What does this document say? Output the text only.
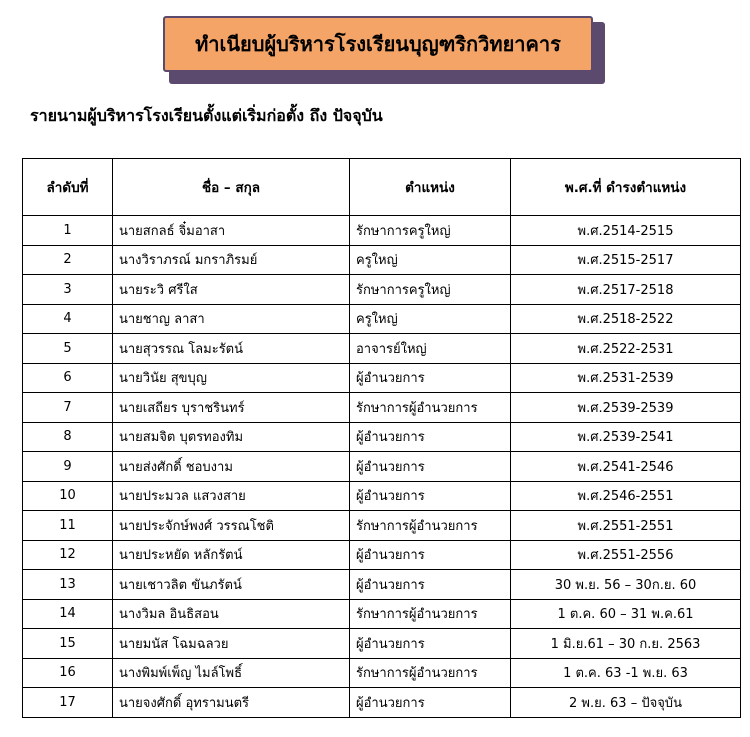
ทำเนียบผู้บริหารโรงเรียนบุญฑริกวิทยาคาร
รายนามผู้บริหารโรงเรียนตั้งแต่เริ่มก่อตั้ง ถึง ปัจจุบัน
ลำดับที่	ชื่อ – สกุล	ตำแหน่ง	พ.ศ.ที่ ดำรงตำแหน่ง
1	นายสกลธ์ จิ๋มอาสา	รักษาการครูใหญ่	พ.ศ.2514-2515
2	นางวิราภรณ์ มกราภิรมย์	ครูใหญ่	พ.ศ.2515-2517
3	นายระวิ ศรีใส	รักษาการครูใหญ่	พ.ศ.2517-2518
4	นายชาญ ลาสา	ครูใหญ่	พ.ศ.2518-2522
5	นายสุวรรณ โลมะรัตน์	อาจารย์ใหญ่	พ.ศ.2522-2531
6	นายวินัย สุขบุญ	ผู้อำนวยการ	พ.ศ.2531-2539
7	นายเสถียร บุราชรินทร์	รักษาการผู้อำนวยการ	พ.ศ.2539-2539
8	นายสมจิต บุตรทองทิม	ผู้อำนวยการ	พ.ศ.2539-2541
9	นายส่งศักดิ์ ชอบงาม	ผู้อำนวยการ	พ.ศ.2541-2546
10	นายประมวล แสวงสาย	ผู้อำนวยการ	พ.ศ.2546-2551
11	นายประจักษ์พงศ์ วรรณโชติ	รักษาการผู้อำนวยการ	พ.ศ.2551-2551
12	นายประหยัด หลักรัตน์	ผู้อำนวยการ	พ.ศ.2551-2556
13	นายเชาวลิต ขันภรัตน์	ผู้อำนวยการ	30 พ.ย. 56 – 30ก.ย. 60
14	นางวิมล อินธิสอน	รักษาการผู้อำนวยการ	1 ต.ค. 60 – 31 พ.ค.61
15	นายมนัส โฉมฉลวย	ผู้อำนวยการ	1 มิ.ย.61 – 30 ก.ย. 2563
16	นางพิมพ์เพ็ญ ไมล์โพธิ์	รักษาการผู้อำนวยการ	1 ต.ค. 63 -1 พ.ย. 63
17	นายจงศักดิ์ อุทรามนตรี	ผู้อำนวยการ	2 พ.ย. 63 – ปัจจุบัน
